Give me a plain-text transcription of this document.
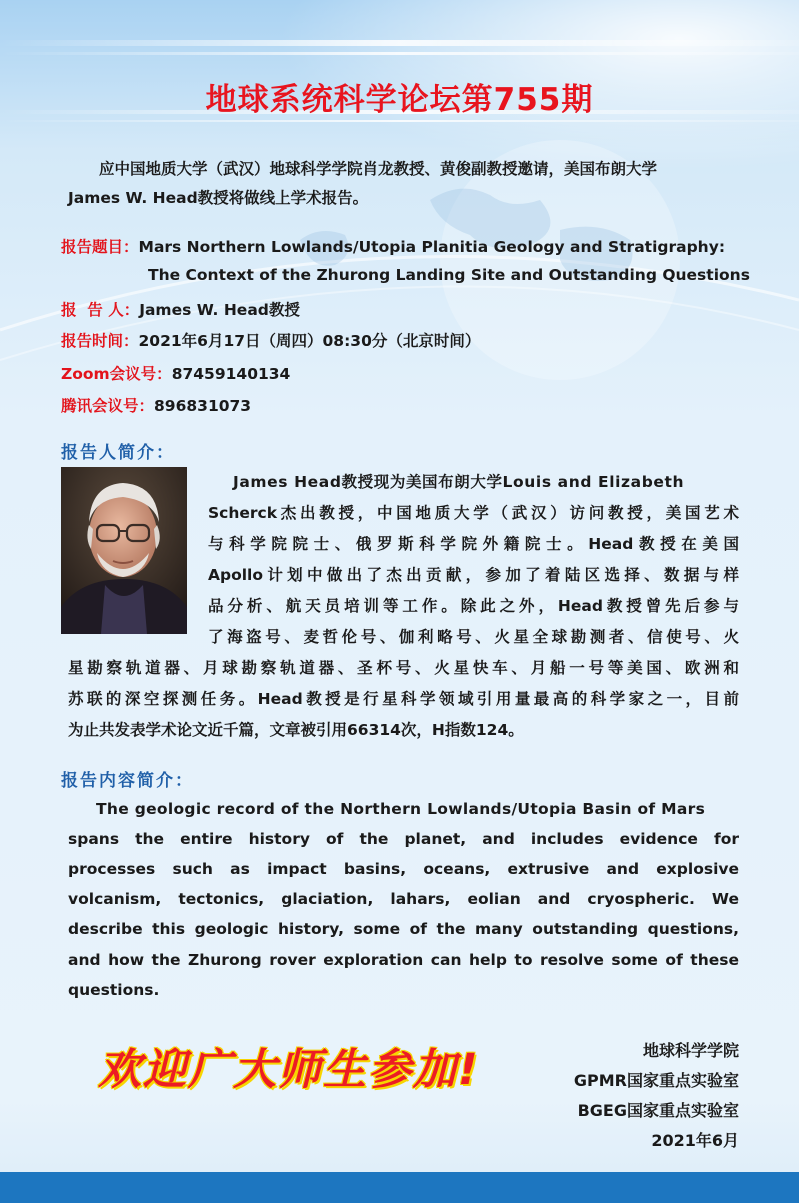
地球系统科学论坛第755期
应中国地质大学（武汉）地球科学学院肖龙教授、黄俊副教授邀请，美国布朗大学
James W. Head教授将做线上学术报告。
报告题目：Mars Northern Lowlands/Utopia Planitia Geology and Stratigraphy:
The Context of the Zhurong Landing Site and Outstanding Questions
报  告 人：James W. Head教授
报告时间：2021年6月17日（周四）08:30分（北京时间）
Zoom会议号：87459140134
腾讯会议号：896831073
报告人简介：
James Head教授现为美国布朗大学Louis and Elizabeth
Scherck杰出教授，中国地质大学（武汉）访问教授，美国艺术
与科学院院士、俄罗斯科学院外籍院士。Head教授在美国
Apollo计划中做出了杰出贡献，参加了着陆区选择、数据与样
品分析、航天员培训等工作。除此之外，Head教授曾先后参与
了海盗号、麦哲伦号、伽利略号、火星全球勘测者、信使号、火
星勘察轨道器、月球勘察轨道器、圣杯号、火星快车、月船一号等美国、欧洲和
苏联的深空探测任务。Head教授是行星科学领域引用量最高的科学家之一，目前
为止共发表学术论文近千篇，文章被引用66314次，H指数124。
报告内容简介：
The geologic record of the Northern Lowlands/Utopia Basin of Mars
spans the entire history of the planet, and includes evidence for
processes such as impact basins, oceans, extrusive and explosive
volcanism, tectonics, glaciation, lahars, eolian and cryospheric. We
describe this geologic history, some of the many outstanding questions,
and how the Zhurong rover exploration can help to resolve some of these
questions.
欢迎广大师生参加!	地球科学学院
GPMR国家重点实验室
BGEG国家重点实验室
2021年6月
